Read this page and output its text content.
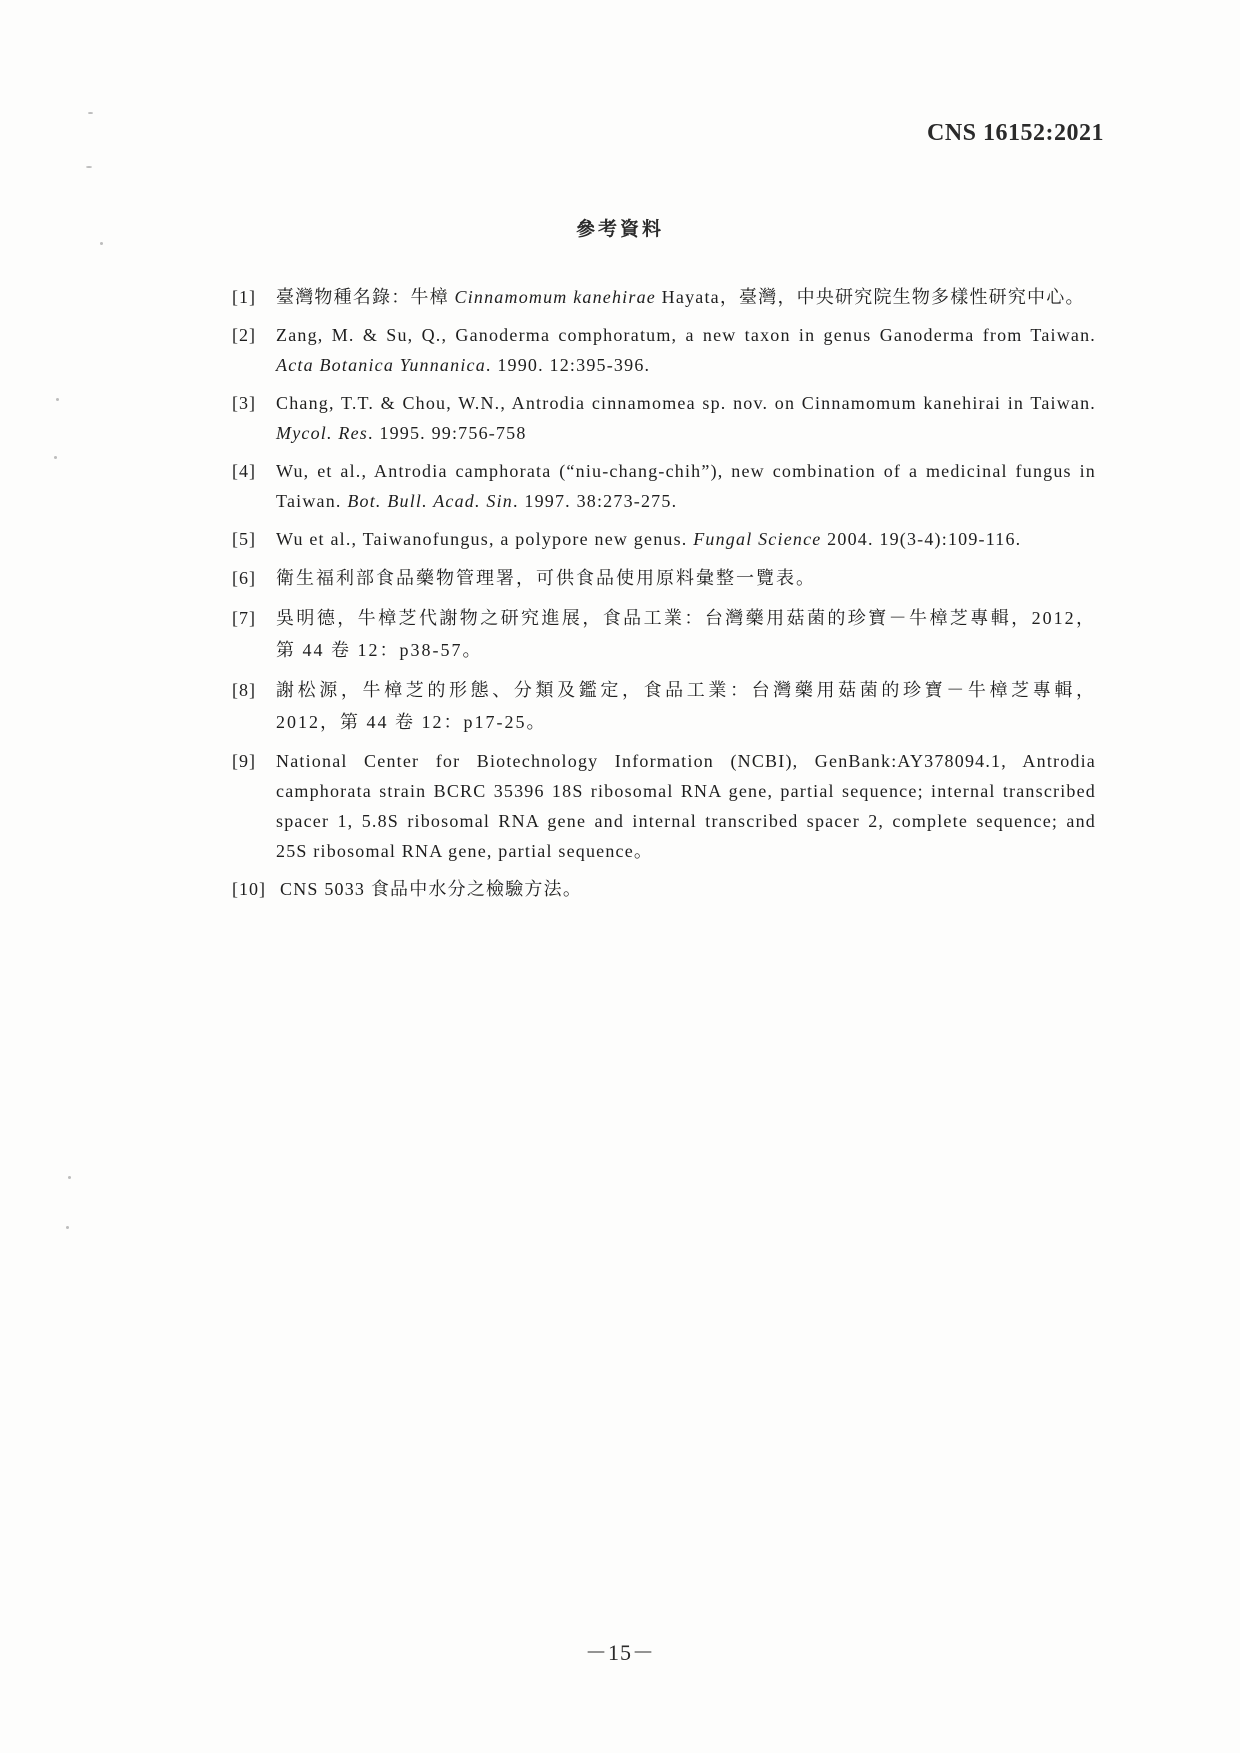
CNS 16152:2021
參考資料
[1] 臺灣物種名錄：牛樟 Cinnamomum kanehirae Hayata，臺灣，中央研究院生物多樣性研究中心。
[2] Zang, M. & Su, Q., Ganoderma comphoratum, a new taxon in genus Ganoderma from Taiwan. Acta Botanica Yunnanica. 1990. 12:395-396.
[3] Chang, T.T. & Chou, W.N., Antrodia cinnamomea sp. nov. on Cinnamomum kanehirai in Taiwan. Mycol. Res. 1995. 99:756-758
[4] Wu, et al., Antrodia camphorata (“niu-chang-chih”), new combination of a medicinal fungus in Taiwan. Bot. Bull. Acad. Sin. 1997. 38:273-275.
[5] Wu et al., Taiwanofungus, a polypore new genus. Fungal Science 2004. 19(3-4):109-116.
[6] 衛生福利部食品藥物管理署，可供食品使用原料彙整一覽表。
[7] 吳明德，牛樟芝代謝物之研究進展，食品工業：台灣藥用菇菌的珍寶－牛樟芝專輯，2012，第 44 卷 12：p38-57。
[8] 謝松源，牛樟芝的形態、分類及鑑定，食品工業：台灣藥用菇菌的珍寶－牛樟芝專輯，2012，第 44 卷 12：p17-25。
[9] National Center for Biotechnology Information (NCBI), GenBank:AY378094.1, Antrodia camphorata strain BCRC 35396 18S ribosomal RNA gene, partial sequence; internal transcribed spacer 1, 5.8S ribosomal RNA gene and internal transcribed spacer 2, complete sequence; and 25S ribosomal RNA gene, partial sequence。
[10] CNS 5033 食品中水分之檢驗方法。
－15－
